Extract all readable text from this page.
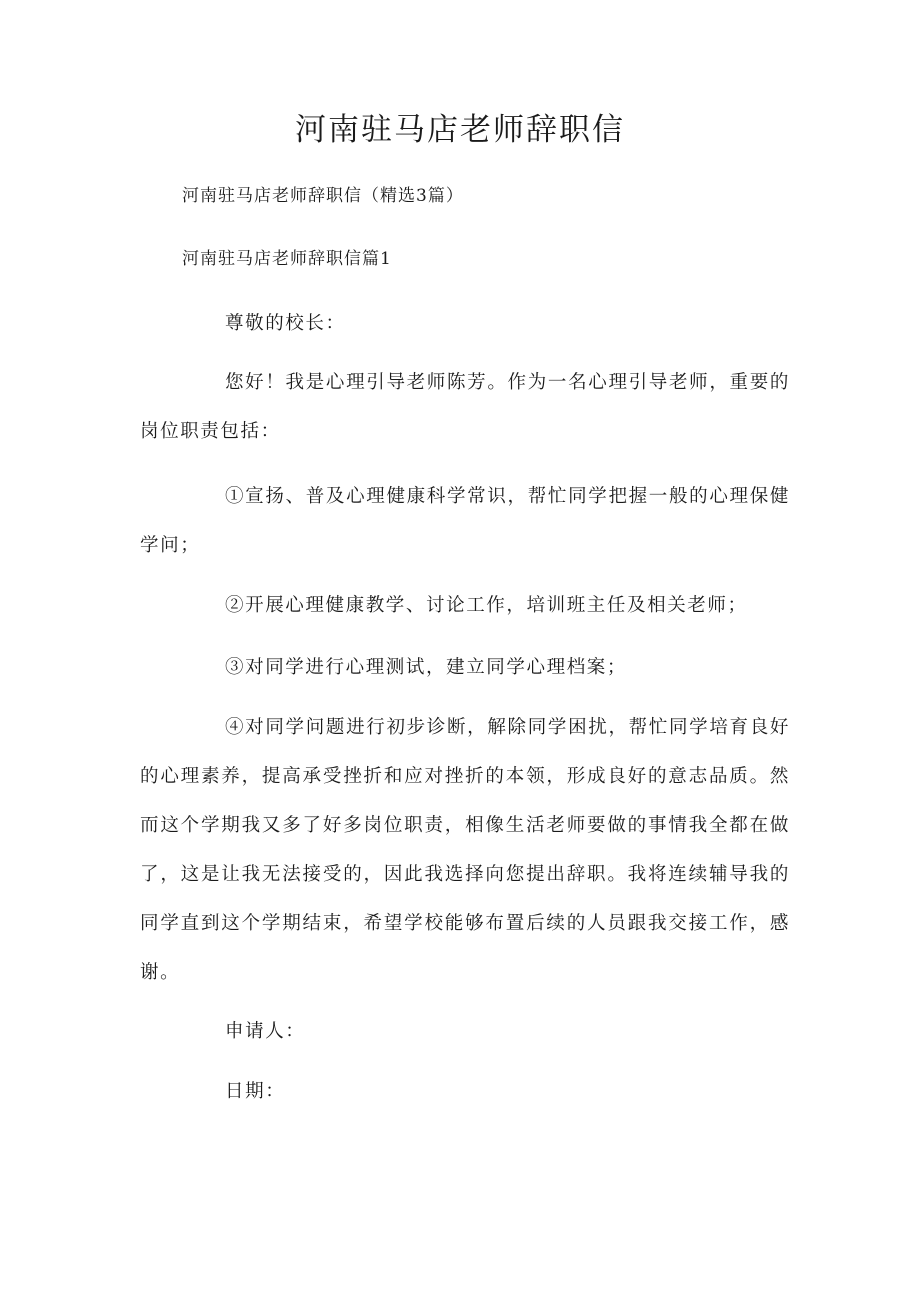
河南驻马店老师辞职信
河南驻马店老师辞职信（精选3篇）
河南驻马店老师辞职信篇1
尊敬的校长：
您好！我是心理引导老师陈芳。作为一名心理引导老师，重要的岗位职责包括：
①宣扬、普及心理健康科学常识，帮忙同学把握一般的心理保健学问；
②开展心理健康教学、讨论工作，培训班主任及相关老师；
③对同学进行心理测试，建立同学心理档案；
④对同学问题进行初步诊断，解除同学困扰，帮忙同学培育良好的心理素养，提高承受挫折和应对挫折的本领，形成良好的意志品质。然而这个学期我又多了好多岗位职责，相像生活老师要做的事情我全都在做了，这是让我无法接受的，因此我选择向您提出辞职。我将连续辅导我的同学直到这个学期结束，希望学校能够布置后续的人员跟我交接工作，感谢。
申请人：
日期：
